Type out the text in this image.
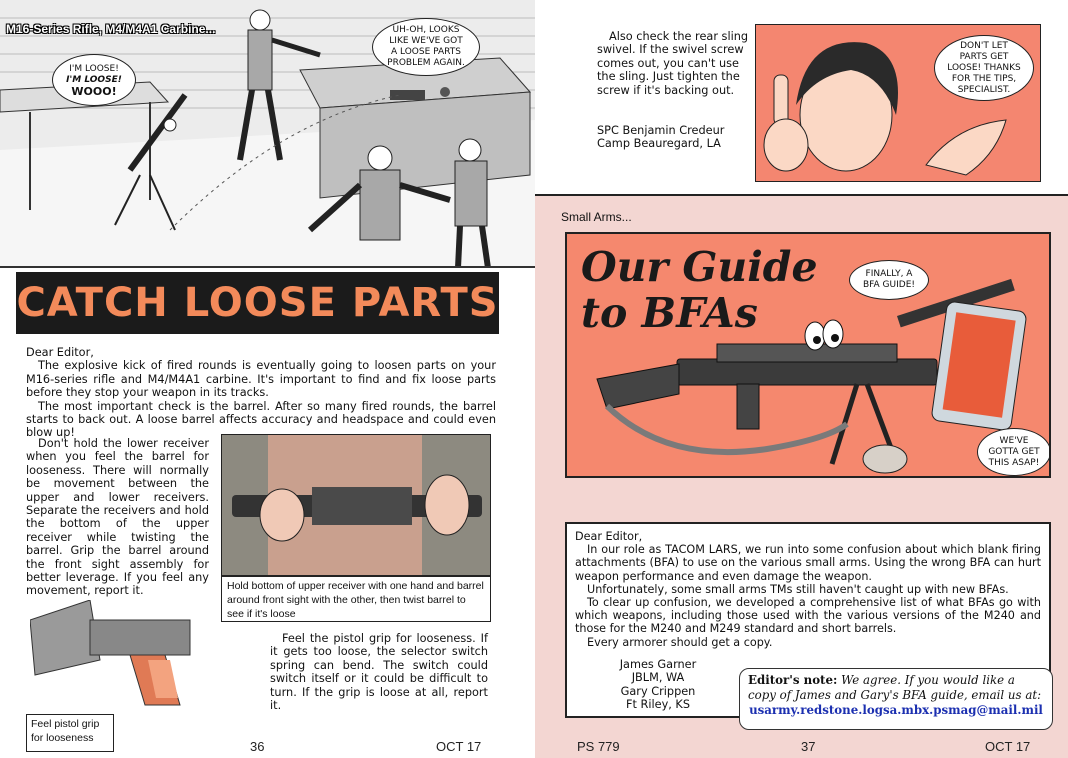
M16-Series Rifle, M4/M4A1 Carbine...
I'M LOOSE!
I'M LOOSE!
WOOO!
UH-OH, LOOKS
LIKE WE'VE GOT
A LOOSE PARTS
PROBLEM AGAIN.
CATCH LOOSE PARTS

Dear Editor,

The explosive kick of fired rounds is eventually going to loosen parts on your M16-series rifle and M4/M4A1 carbine. It's important to find and fix loose parts before they stop your weapon in its tracks.

The most important check is the barrel. After so many fired rounds, the barrel starts to back out. A loose barrel affects accuracy and headspace and could even blow up!

Don't hold the lower receiver when you feel the barrel for looseness. There will normally be movement between the upper and lower receivers. Separate the receivers and hold the bottom of the upper receiver while twisting the barrel. Grip the barrel around the front sight assembly for better leverage. If you feel any movement, report it.	Hold bottom of upper receiver with one hand and barrel around front sight with the other, then twist barrel to see if it's loose

Feel the pistol grip for looseness. If it gets too loose, the selector switch spring can bend. The switch could switch itself or it could be difficult to turn. If the grip is loose at all, report it.

Feel pistol grip for looseness
36	OCT 17

Also check the rear sling swivel. If the swivel screw comes out, you can't use the sling. Just tighten the screw if it's backing out.

SPC Benjamin Credeur
Camp Beauregard, LA
DON'T LET
PARTS GET
LOOSE! THANKS
FOR THE TIPS,
SPECIALIST.
Small Arms...
Our Guide
to BFAs
FINALLY, A
BFA GUIDE!
WE'VE
GOTTA GET
THIS ASAP!

Dear Editor,

In our role as TACOM LARS, we run into some confusion about which blank firing attachments (BFA) to use on the various small arms. Using the wrong BFA can hurt weapon performance and even damage the weapon.

Unfortunately, some small arms TMs still haven't caught up with new BFAs.

To clear up confusion, we developed a comprehensive list of what BFAs go with which weapons, including those used with the various versions of the M240 and those for the M240 and M249 standard and short barrels.

Every armorer should get a copy.

James Garner
JBLM, WA
Gary Crippen
Ft Riley, KS
Editor's note: We agree. If you would like a copy of James and Gary's BFA guide, email us at:
usarmy.redstone.logsa.mbx.psmag@mail.mil
PS 779	37	OCT 17
